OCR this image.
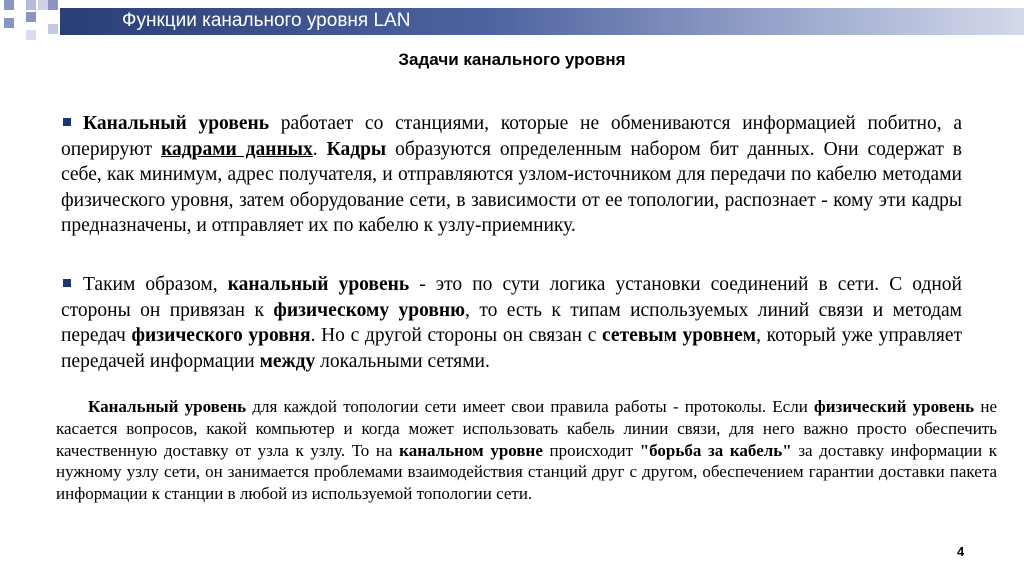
Функции канального уровня LAN
Задачи канального уровня
Канальный уровень работает со станциями, которые не обмениваются информацией побитно, а оперируют кадрами данных. Кадры образуются определенным набором бит данных. Они содержат в себе, как минимум, адрес получателя, и отправляются узлом-источником для передачи по кабелю методами физического уровня, затем оборудование сети, в зависимости от ее топологии, распознает - кому эти кадры предназначены, и отправляет их по кабелю к узлу-приемнику.
Таким образом, канальный уровень - это по сути логика установки соединений в сети. С одной стороны он привязан к физическому уровню, то есть к типам используемых линий связи и методам передач физического уровня. Но с другой стороны он связан с сетевым уровнем, который уже управляет передачей информации между локальными сетями.
Канальный уровень для каждой топологии сети имеет свои правила работы - протоколы. Если физический уровень не касается вопросов, какой компьютер и когда может использовать кабель линии связи, для него важно просто обеспечить качественную доставку от узла к узлу. То на канальном уровне происходит "борьба за кабель" за доставку информации к нужному узлу сети, он занимается проблемами взаимодействия станций друг с другом, обеспечением гарантии доставки пакета информации к станции в любой из используемой топологии сети.
4
